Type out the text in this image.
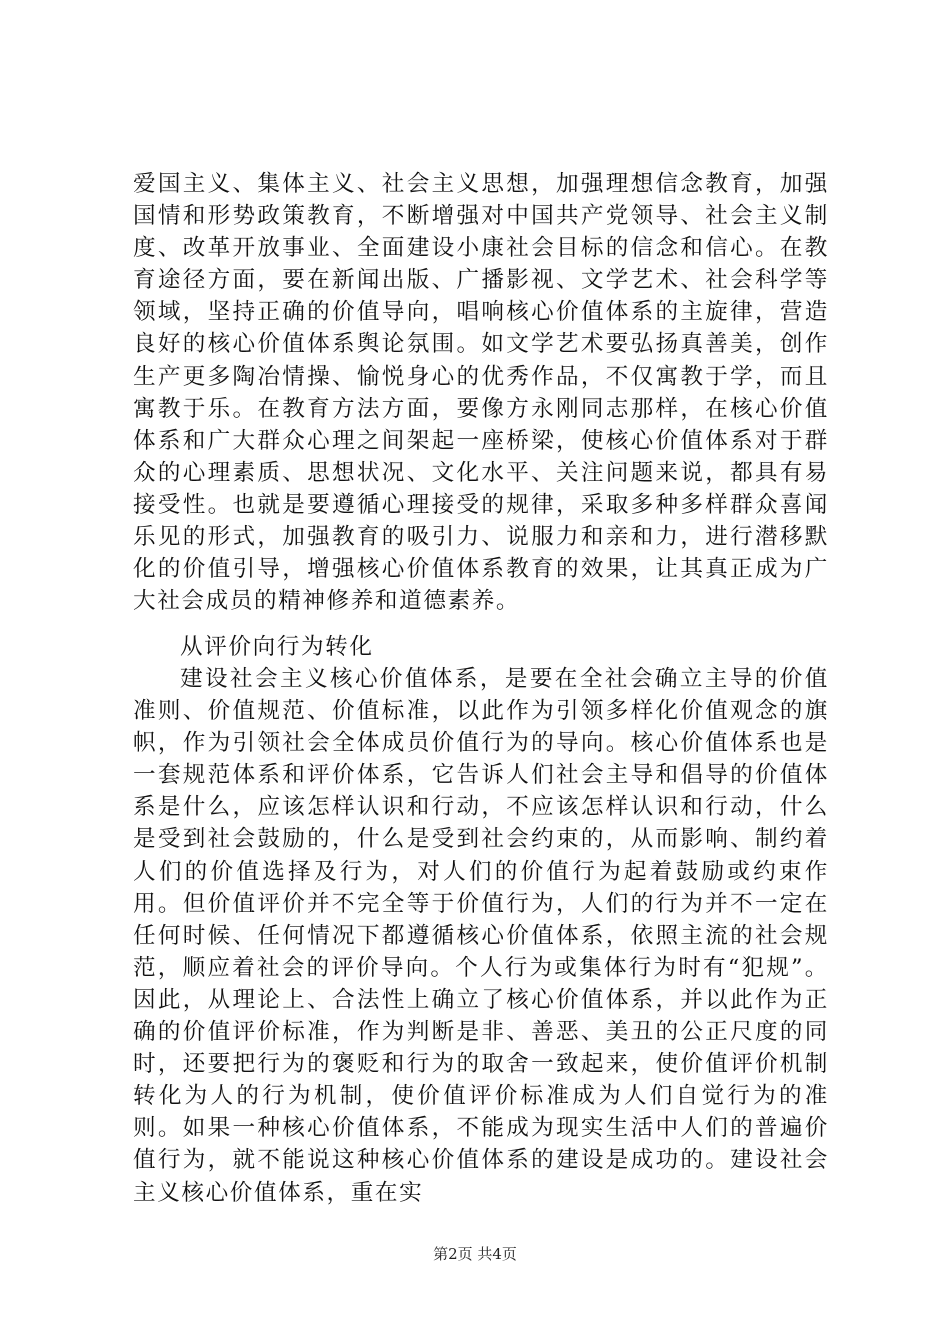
爱国主义、集体主义、社会主义思想，加强理想信念教育，加强国情和形势政策教育，不断增强对中国共产党领导、社会主义制度、改革开放事业、全面建设小康社会目标的信念和信心。在教育途径方面，要在新闻出版、广播影视、文学艺术、社会科学等领域，坚持正确的价值导向，唱响核心价值体系的主旋律，营造良好的核心价值体系舆论氛围。如文学艺术要弘扬真善美，创作生产更多陶冶情操、愉悦身心的优秀作品，不仅寓教于学，而且寓教于乐。在教育方法方面，要像方永刚同志那样，在核心价值体系和广大群众心理之间架起一座桥梁，使核心价值体系对于群众的心理素质、思想状况、文化水平、关注问题来说，都具有易接受性。也就是要遵循心理接受的规律，采取多种多样群众喜闻乐见的形式，加强教育的吸引力、说服力和亲和力，进行潜移默化的价值引导，增强核心价值体系教育的效果，让其真正成为广大社会成员的精神修养和道德素养。
从评价向行为转化
建设社会主义核心价值体系，是要在全社会确立主导的价值准则、价值规范、价值标准，以此作为引领多样化价值观念的旗帜，作为引领社会全体成员价值行为的导向。核心价值体系也是一套规范体系和评价体系，它告诉人们社会主导和倡导的价值体系是什么，应该怎样认识和行动，不应该怎样认识和行动，什么是受到社会鼓励的，什么是受到社会约束的，从而影响、制约着人们的价值选择及行为，对人们的价值行为起着鼓励或约束作用。但价值评价并不完全等于价值行为，人们的行为并不一定在任何时候、任何情况下都遵循核心价值体系，依照主流的社会规范，顺应着社会的评价导向。个人行为或集体行为时有“犯规”。因此，从理论上、合法性上确立了核心价值体系，并以此作为正确的价值评价标准，作为判断是非、善恶、美丑的公正尺度的同时，还要把行为的褒贬和行为的取舍一致起来，使价值评价机制转化为人的行为机制，使价值评价标准成为人们自觉行为的准则。如果一种核心价值体系，不能成为现实生活中人们的普遍价值行为，就不能说这种核心价值体系的建设是成功的。建设社会主义核心价值体系，重在实
第2页 共4页
